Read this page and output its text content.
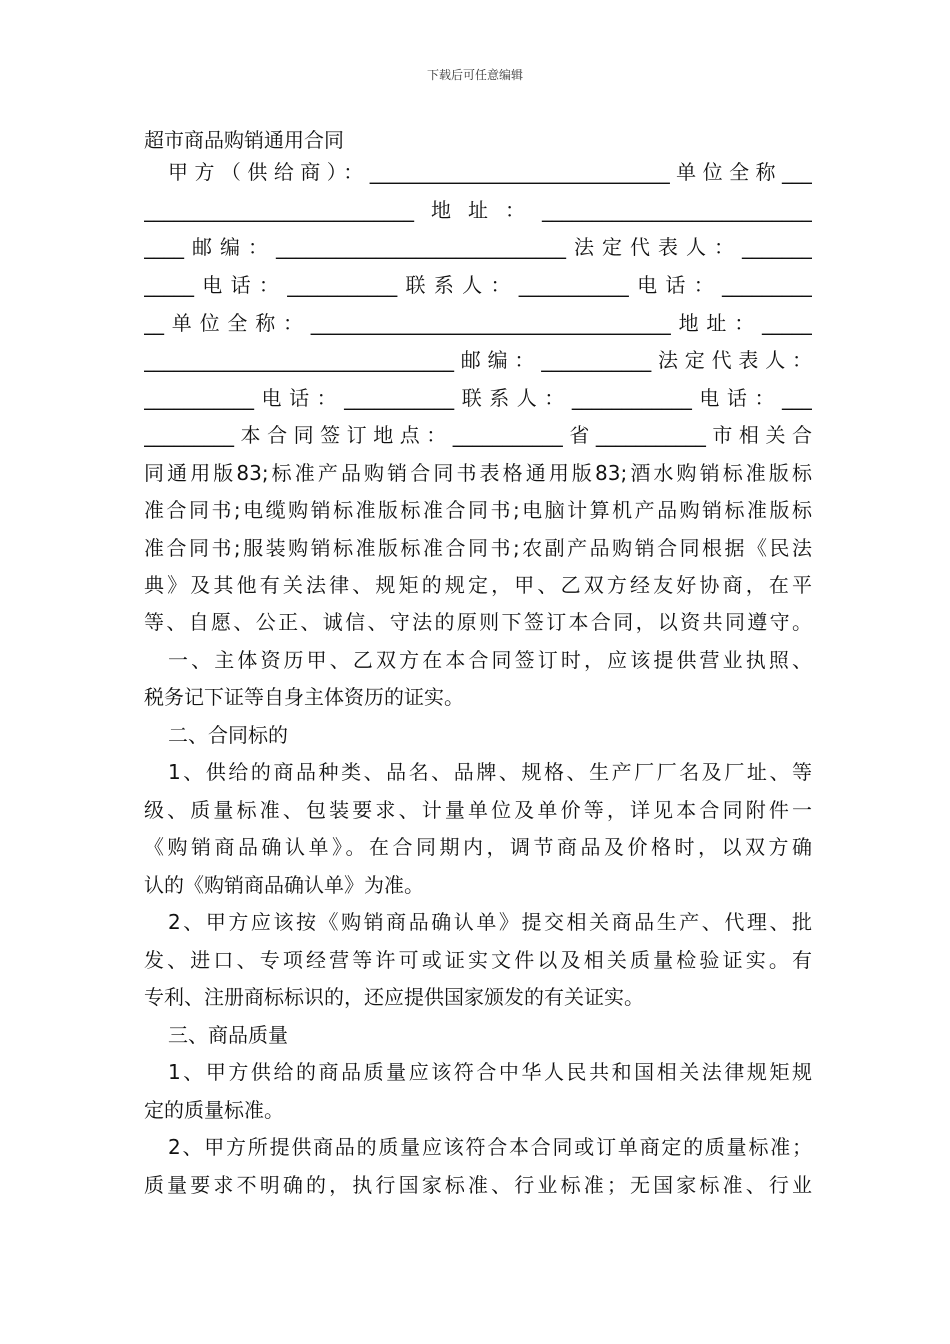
下载后可任意编辑
超市商品购销通用合同
甲方（供给商）：______________________________单位全称___
___________________________地址：___________________________
____邮编：_____________________________法定代表人：_______
_____电话：___________联系人：___________电话：_________
__单位全称：____________________________________地址：_____
_______________________________邮编：___________法定代表人：
___________电话：___________联系人：____________电话：___
_________本合同签订地点：___________省___________市相关合
同通用版83;标准产品购销合同书表格通用版83;酒水购销标准版标
准合同书;电缆购销标准版标准合同书;电脑计算机产品购销标准版标
准合同书;服装购销标准版标准合同书;农副产品购销合同根据《民法
典》及其他有关法律、规矩的规定，甲、乙双方经友好协商，在平
等、自愿、公正、诚信、守法的原则下签订本合同，以资共同遵守。
一、主体资历甲、乙双方在本合同签订时，应该提供营业执照、
税务记下证等自身主体资历的证实。
二、合同标的
1、供给的商品种类、品名、品牌、规格、生产厂厂名及厂址、等
级、质量标准、包装要求、计量单位及单价等，详见本合同附件一
《购销商品确认单》。在合同期内，调节商品及价格时，以双方确
认的《购销商品确认单》为准。
2、甲方应该按《购销商品确认单》提交相关商品生产、代理、批
发、进口、专项经营等许可或证实文件以及相关质量检验证实。有
专利、注册商标标识的，还应提供国家颁发的有关证实。
三、商品质量
1、甲方供给的商品质量应该符合中华人民共和国相关法律规矩规
定的质量标准。
2、甲方所提供商品的质量应该符合本合同或订单商定的质量标准；
质量要求不明确的，执行国家标准、行业标准；无国家标准、行业
